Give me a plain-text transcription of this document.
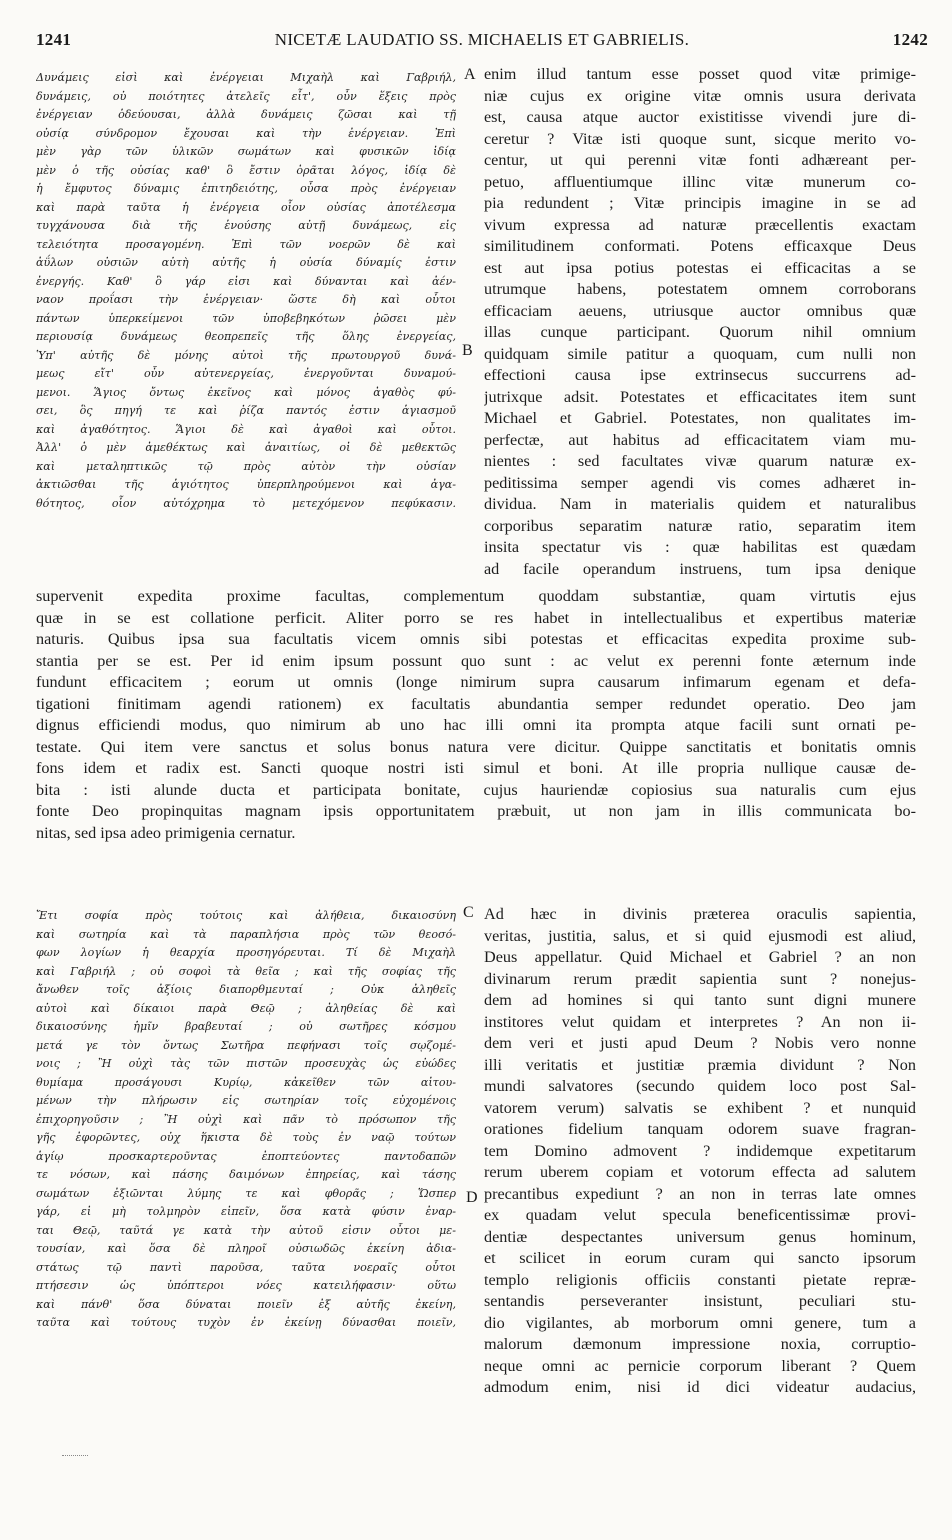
1241	NICETÆ LAUDATIO SS. MICHAELIS ET GABRIELIS.	1242
Δυνάμεις εἰσὶ καὶ ἐνέργειαι Μιχαὴλ καὶ Γαβριήλ,
δυνάμεις, οὐ ποιότητες ἀτελεῖς εἶτ', οὖν ἕξεις πρὸς
ἐνέργειαν ὁδεύουσαι, ἀλλὰ δυνάμεις ζῶσαι καὶ τῇ
οὐσίᾳ σύνδρομον ἔχουσαι καὶ τὴν ἐνέργειαν. Ἐπὶ
μὲν γὰρ τῶν ὑλικῶν σωμάτων καὶ φυσικῶν ἰδίᾳ
μὲν ὁ τῆς οὐσίας καθ' ὃ ἔστιν ὁρᾶται λόγος, ἰδίᾳ δὲ
ἡ ἔμφυτος δύναμις ἐπιτηδειότης, οὖσα πρὸς ἐνέργειαν
καὶ παρὰ ταῦτα ἡ ἐνέργεια οἷον οὐσίας ἀποτέλεσμα
τυγχάνουσα διὰ τῆς ἑνούσης αὐτῇ δυνάμεως, εἰς
τελειότητα προσαγομένη. Ἐπὶ τῶν νοερῶν δὲ καὶ
ἀΰλων οὐσιῶν αὐτὴ αὐτῆς ἡ οὐσία δύναμίς ἐστιν
ἐνεργής. Καθ' ὃ γάρ εἰσι καὶ δύνανται καὶ ἀέν-
ναον προΐασι τὴν ἐνέργειαν· ὥστε δὴ καὶ οὗτοι
πάντων ὑπερκείμενοι τῶν ὑποβεβηκότων ῥῶσει μὲν
περιουσίᾳ δυνάμεως θεοπρεπεῖς τῆς ὅλης ἐνεργείας,
Ὑπ' αὐτῆς δὲ μόνης αὐτοὶ τῆς πρωτουργοῦ δυνά-
μεως εἴτ' οὖν αὐτενεργείας, ἐνεργοῦνται δυναμού-
μενοι. Ἅγιος ὄντως ἐκεῖνος καὶ μόνος ἀγαθὸς φύ-
σει, ὃς πηγή τε καὶ ῥίζα παντός ἐστιν ἁγιασμοῦ
καὶ ἀγαθότητος. Ἅγιοι δὲ καὶ ἀγαθοὶ καὶ οὗτοι.
Ἀλλ' ὁ μὲν ἀμεθέκτως καὶ ἀναιτίως, οἱ δὲ μεθεκτῶς
καὶ μεταληπτικῶς τῷ πρὸς αὐτὸν τὴν οὐσίαν
ἀκτιῶσθαι τῆς ἁγιότητος ὑπερπληρούμενοι καὶ ἀγα-
θότητος, οἷον αὐτόχρημα τὸ μετεχόμενον πεφύκασιν.
enim illud tantum esse posset quod vitæ primige-
niæ cujus ex origine vitæ omnis usura derivata
est, causa atque auctor existitisse vivendi jure di-
ceretur ? Vitæ isti quoque sunt, sicque merito vo-
centur, ut qui perenni vitæ fonti adhæreant per-
petuo, affluentiumque illinc vitæ munerum co-
pia redundent ; Vitæ principis imagine in se ad
vivum expressa ad naturæ præcellentis exactam
similitudinem conformati. Potens efficaxque Deus
est aut ipsa potius potestas ei efficacitas a se
utrumque habens, potestatem omnem corroborans
efficaciam aeuens, utriusque auctor omnibus quæ
illas cunque participant. Quorum nihil omnium
quidquam simile patitur a quoquam, cum nulli non
effectioni causa ipse extrinsecus succurrens ad-
jutrixque adsit. Potestates et efficacitates item sunt
Michael et Gabriel. Potestates, non qualitates im-
perfectæ, aut habitus ad efficacitatem viam mu-
nientes : sed facultates vivæ quarum naturæ ex-
peditissima semper agendi vis comes adhæret in-
dividua. Nam in materialis quidem et naturalibus
corporibus separatim naturæ ratio, separatim item
insita spectatur vis : quæ habilitas est quædam
ad facile operandum instruens, tum ipsa denique
A
B
supervenit expedita proxime facultas, complementum quoddam substantiæ, quam virtutis ejus
quæ in se est collatione perficit. Aliter porro se res habet in intellectualibus et expertibus materiæ
naturis. Quibus ipsa sua facultatis vicem omnis sibi potestas et efficacitas expedita proxime sub-
stantia per se est. Per id enim ipsum possunt quo sunt : ac velut ex perenni fonte æternum inde
fundunt efficacitem ; eorum ut omnis (longe nimirum supra causarum infimarum egenam et defa-
tigationi finitimam agendi rationem) ex facultatis abundantia semper redundet operatio. Deo jam
dignus efficiendi modus, quo nimirum ab uno hac illi omni ita prompta atque facili sunt ornati pe-
testate. Qui item vere sanctus et solus bonus natura vere dicitur. Quippe sanctitatis et bonitatis omnis
fons idem et radix est. Sancti quoque nostri isti simul et boni. At ille propria nullique causæ de-
bita : isti alunde ducta et participata bonitate, cujus hauriendæ copiosius sua naturalis cum ejus
fonte Deo propinquitas magnam ipsis opportunitatem præbuit, ut non jam in illis communicata bo-
nitas, sed ipsa adeo primigenia cernatur.
Ἔτι σοφία πρὸς τούτοις καὶ ἀλήθεια, δικαιοσύνη
καὶ σωτηρία καὶ τὰ παραπλήσια πρὸς τῶν θεοσό-
φων λογίων ἡ θεαρχία προσηγόρευται. Τί δὲ Μιχαὴλ
καὶ Γαβριήλ ; οὐ σοφοὶ τὰ θεῖα ; καὶ τῆς σοφίας τῆς
ἄνωθεν τοῖς ἀξίοις διαπορθμευταί ; Οὐκ ἀληθεῖς
αὐτοὶ καὶ δίκαιοι παρὰ Θεῷ ; ἀληθείας δὲ καὶ
δικαιοσύνης ἡμῖν βραβευταί ; οὐ σωτῆρες κόσμου
μετά γε τὸν ὄντως Σωτῆρα πεφήνασι τοῖς σῳζομέ-
νοις ; Ἢ οὐχὶ τὰς τῶν πιστῶν προσευχὰς ὡς εὐώδες
θυμίαμα προσάγουσι Κυρίῳ, κἀκεῖθεν τῶν αἰτου-
μένων τὴν πλήρωσιν εἰς σωτηρίαν τοῖς εὐχομένοις
ἐπιχορηγοῦσιν ; Ἢ οὐχὶ καὶ πᾶν τὸ πρόσωπον τῆς
γῆς ἐφορῶντες, οὐχ ἥκιστα δὲ τοὺς ἐν ναῷ τούτων
ἁγίῳ προσκαρτεροῦντας ἐποπτεύοντες παντοδαπῶν
τε νόσων, καὶ πάσης δαιμόνων ἐπηρείας, καὶ τάσης
σωμάτων ἐξιῶνται λύμης τε καὶ φθορᾶς ; Ὥσπερ
γάρ, εἰ μὴ τολμηρὸν εἰπεῖν, ὅσα κατὰ φύσιν ἐναρ-
ται Θεῷ, ταῦτά γε κατὰ τὴν αὐτοῦ εἰσιν οὗτοι με-
τουσίαν, καὶ ὅσα δὲ πληροῖ οὐσιωδῶς ἐκείνη ἀδια-
στάτως τῷ παντὶ παροῦσα, ταῦτα νοεραῖς οὗτοι
πτήσεσιν ὡς ὑπόπτεροι νόες κατειλήφασιν· οὕτω
καὶ πάνθ' ὅσα δύναται ποιεῖν ἐξ αὐτῆς ἐκείνη,
ταῦτα καὶ τούτους τυχὸν ἐν ἐκείνῃ δύνασθαι ποιεῖν,
Ad hæc in divinis præterea oraculis sapientia,
veritas, justitia, salus, et si quid ejusmodi est aliud,
Deus appellatur. Quid Michael et Gabriel ? an non
divinarum rerum prædit sapientia sunt ? nonejus-
dem ad homines si qui tanto sunt digni munere
institores velut quidam et interpretes ? An non ii-
dem veri et justi apud Deum ? Nobis vero nonne
illi veritatis et justitiæ præmia dividunt ? Non
mundi salvatores (secundo quidem loco post Sal-
vatorem verum) salvatis se exhibent ? et nunquid
orationes fidelium tanquam odorem suave fragran-
tem Domino admovent ? indidemque expetitarum
rerum uberem copiam et votorum effecta ad salutem
precantibus expediunt ? an non in terras late omnes
ex quadam velut specula beneficentissimæ provi-
dentiæ despectantes universum genus hominum,
et scilicet in eorum curam qui sancto ipsorum
templo religionis officiis constanti pietate repræ-
sentandis perseveranter insistunt, peculiari stu-
dio vigilantes, ab morborum omni genere, tum a
malorum dæmonum impressione noxia, corruptio-
neque omni ac pernicie corporum liberant ? Quem
admodum enim, nisi id dici videatur audacius,
C
D
